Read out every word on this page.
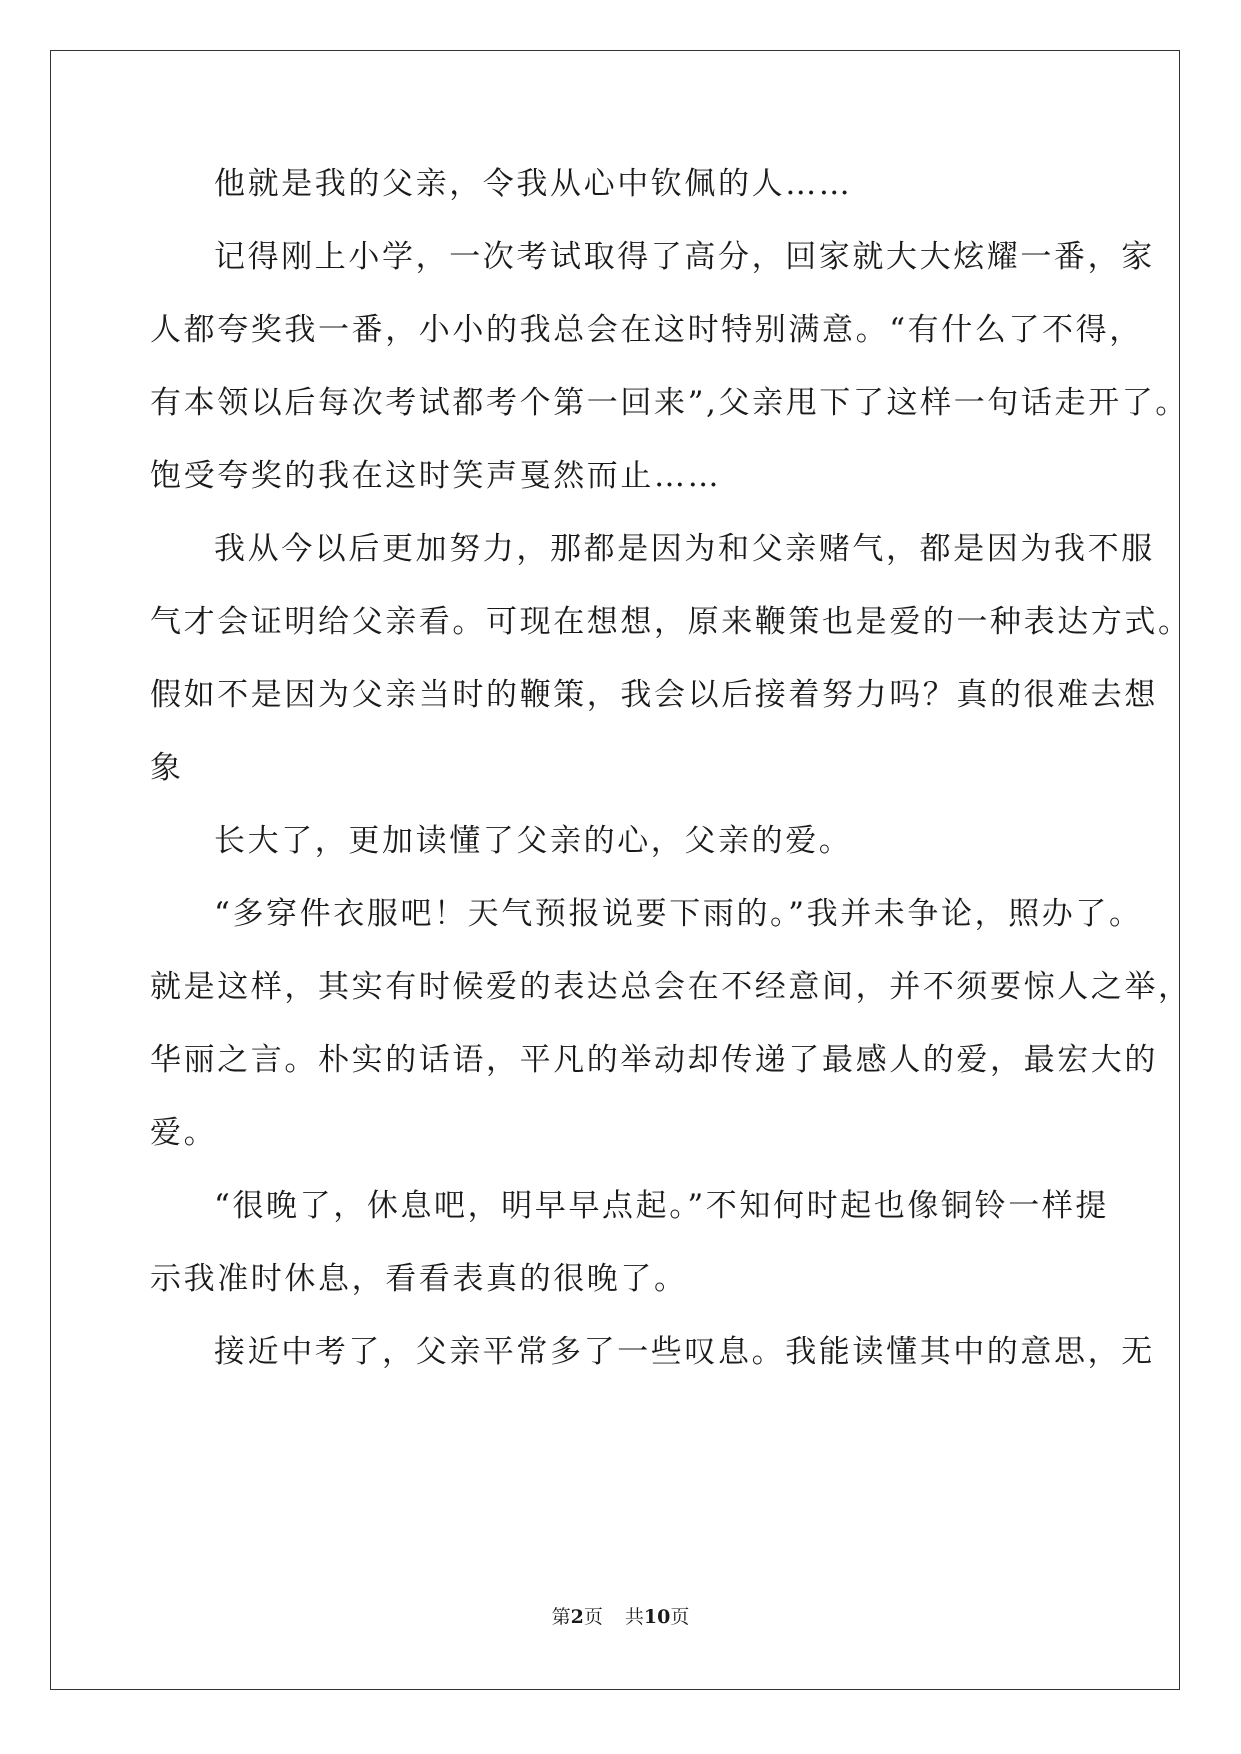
他就是我的父亲，令我从心中钦佩的人……
记得刚上小学，一次考试取得了高分，回家就大大炫耀一番，家
人都夸奖我一番，小小的我总会在这时特别满意。“有什么了不得，
有本领以后每次考试都考个第一回来”,父亲甩下了这样一句话走开了。
饱受夸奖的我在这时笑声戛然而止……
我从今以后更加努力，那都是因为和父亲赌气，都是因为我不服
气才会证明给父亲看。可现在想想，原来鞭策也是爱的一种表达方式。
假如不是因为父亲当时的鞭策，我会以后接着努力吗？真的很难去想
象
长大了，更加读懂了父亲的心，父亲的爱。
“多穿件衣服吧！天气预报说要下雨的。”我并未争论，照办了。
就是这样，其实有时候爱的表达总会在不经意间，并不须要惊人之举，
华丽之言。朴实的话语，平凡的举动却传递了最感人的爱，最宏大的
爱。
“很晚了，休息吧，明早早点起。”不知何时起也像铜铃一样提
示我准时休息，看看表真的很晚了。
接近中考了，父亲平常多了一些叹息。我能读懂其中的意思，无
第2页 共10页
